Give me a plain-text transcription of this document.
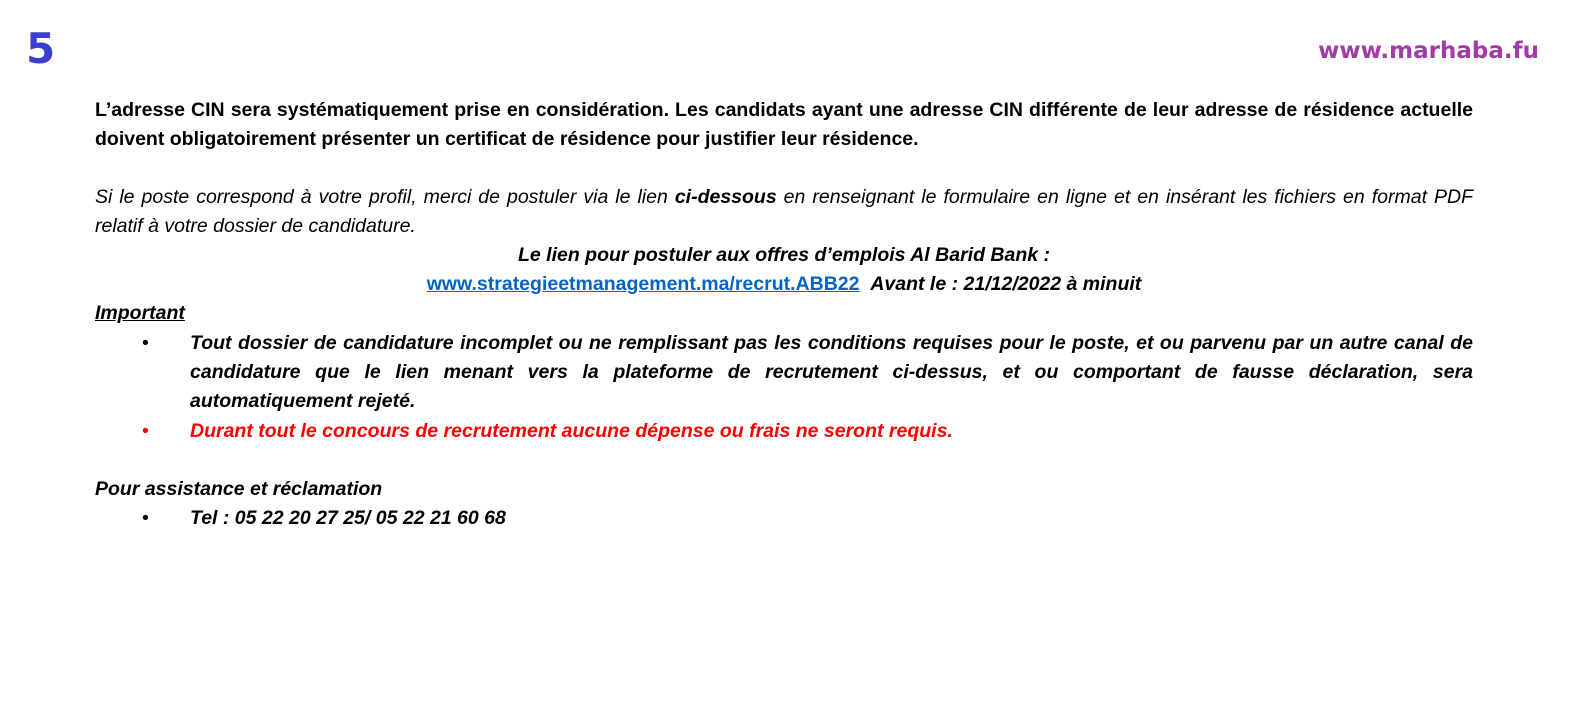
5	www.marhaba.fu

L’adresse CIN sera systématiquement prise en considération. Les candidats ayant une adresse CIN différente de leur adresse de résidence actuelle doivent obligatoirement présenter un certificat de résidence pour justifier leur résidence.

Si le poste correspond à votre profil, merci de postuler via le lien ci-dessous en renseignant le formulaire en ligne et en insérant les fichiers en format PDF relatif à votre dossier de candidature.

Le lien pour postuler aux offres d’emplois Al Barid Bank :
www.strategieetmanagement.ma/recrut.ABB22 Avant le : 21/12/2022 à minuit
Important
• Tout dossier de candidature incomplet ou ne remplissant pas les conditions requises pour le poste, et ou parvenu par un autre canal de candidature que le lien menant vers la plateforme de recrutement ci-dessus, et ou comportant de fausse déclaration, sera automatiquement rejeté.
• Durant tout le concours de recrutement aucune dépense ou frais ne seront requis.

Pour assistance et réclamation

• Tel : 05 22 20 27 25/ 05 22 21 60 68
